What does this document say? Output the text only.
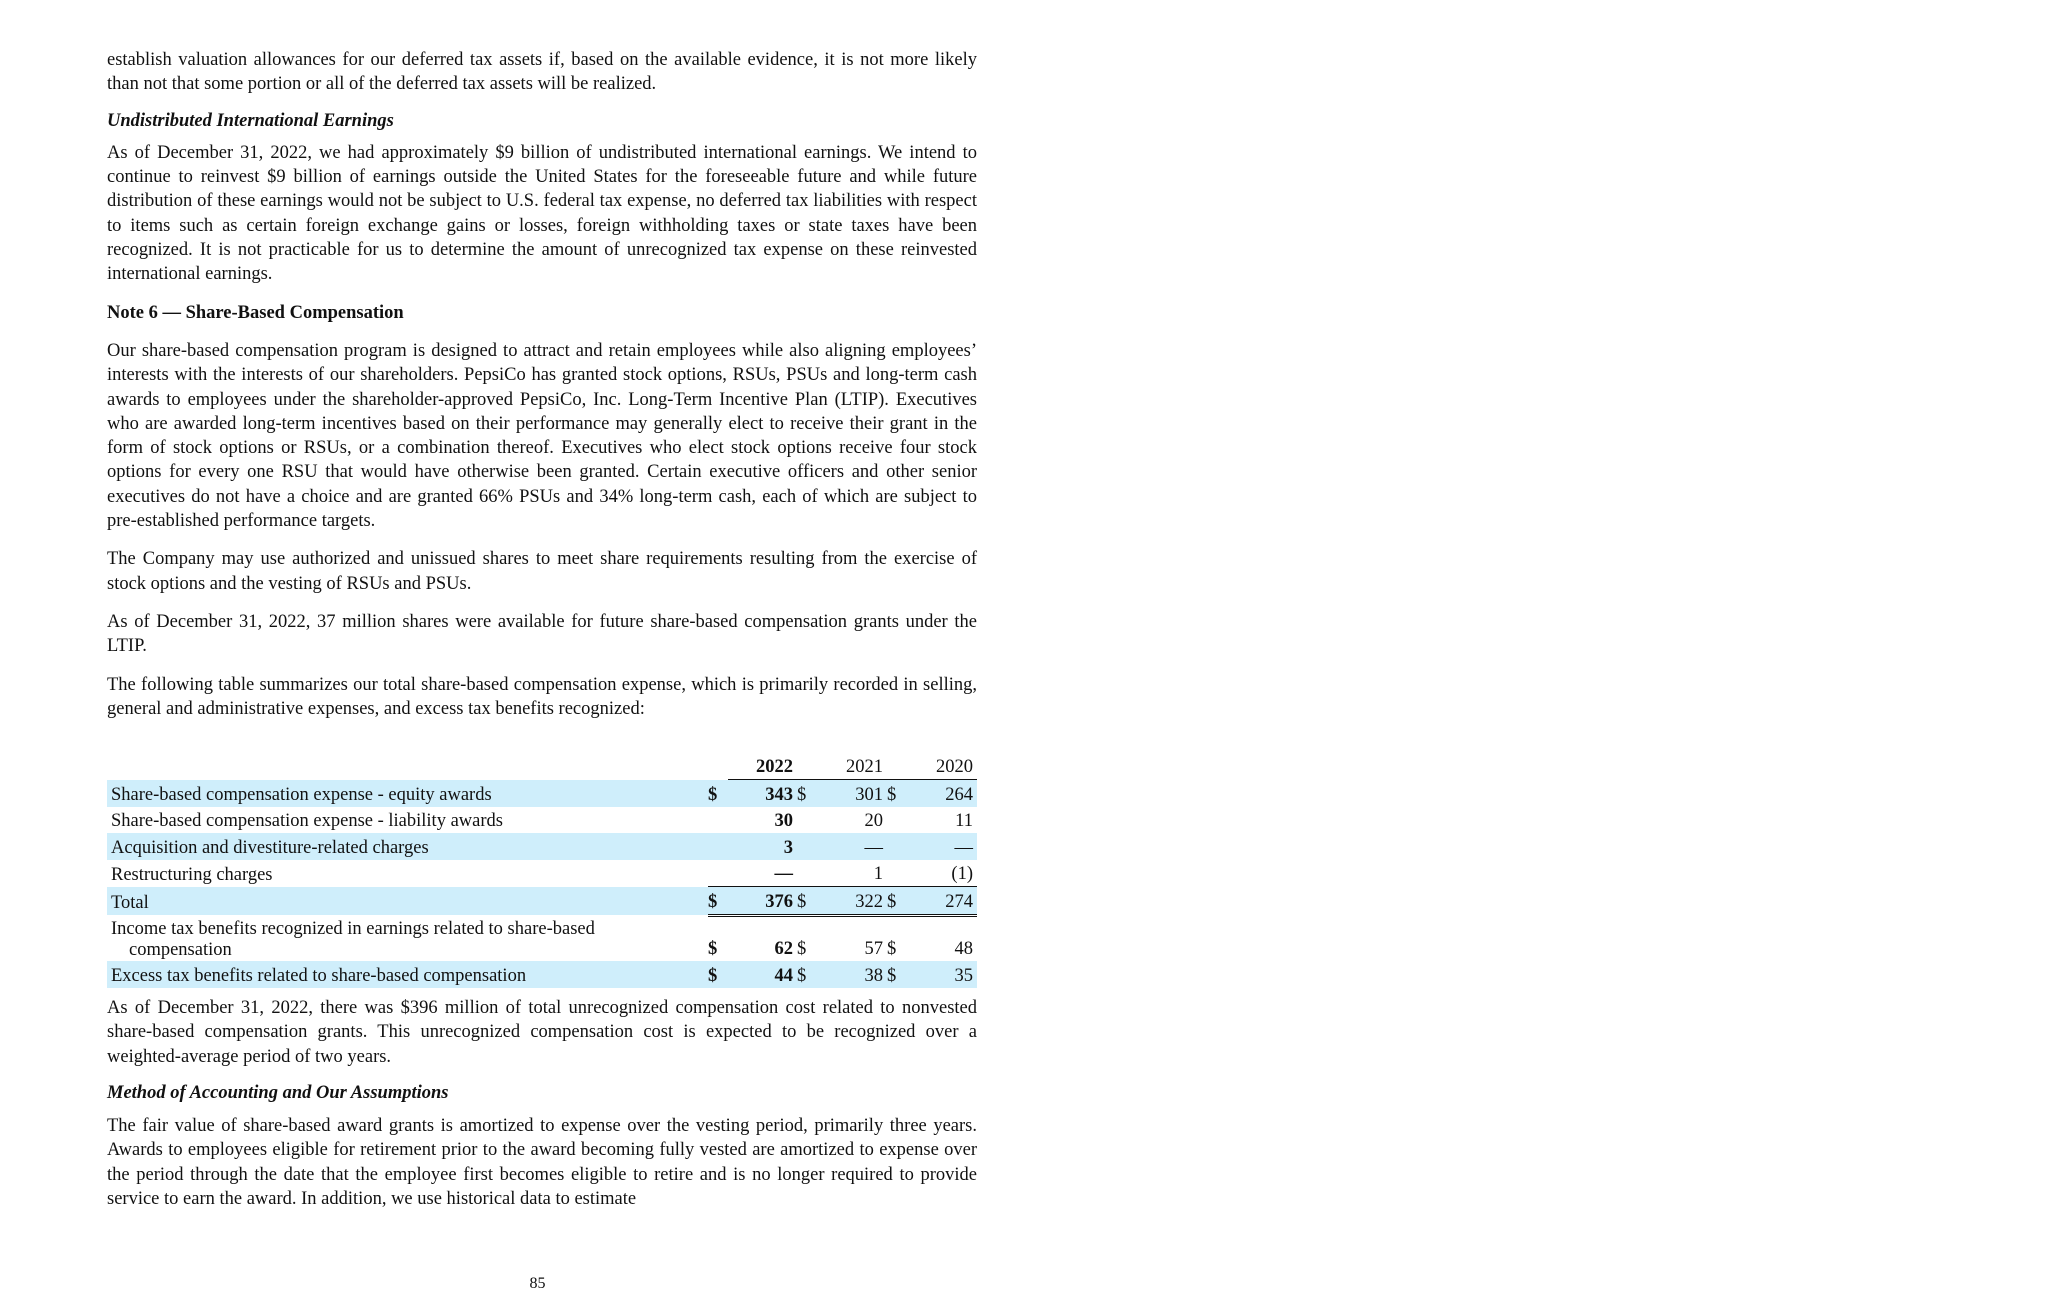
establish valuation allowances for our deferred tax assets if, based on the available evidence, it is not more likely than not that some portion or all of the deferred tax assets will be realized.

Undistributed International Earnings

As of December 31, 2022, we had approximately $9 billion of undistributed international earnings. We intend to continue to reinvest $9 billion of earnings outside the United States for the foreseeable future and while future distribution of these earnings would not be subject to U.S. federal tax expense, no deferred tax liabilities with respect to items such as certain foreign exchange gains or losses, foreign withholding taxes or state taxes have been recognized. It is not practicable for us to determine the amount of unrecognized tax expense on these reinvested international earnings.

Note 6 — Share-Based Compensation

Our share-based compensation program is designed to attract and retain employees while also aligning employees’ interests with the interests of our shareholders. PepsiCo has granted stock options, RSUs, PSUs and long-term cash awards to employees under the shareholder-approved PepsiCo, Inc. Long-Term Incentive Plan (LTIP). Executives who are awarded long-term incentives based on their performance may generally elect to receive their grant in the form of stock options or RSUs, or a combination thereof. Executives who elect stock options receive four stock options for every one RSU that would have otherwise been granted. Certain executive officers and other senior executives do not have a choice and are granted 66% PSUs and 34% long-term cash, each of which are subject to pre-established performance targets.

The Company may use authorized and unissued shares to meet share requirements resulting from the exercise of stock options and the vesting of RSUs and PSUs.

As of December 31, 2022, 37 million shares were available for future share-based compensation grants under the LTIP.

The following table summarizes our total share-based compensation expense, which is primarily recorded in selling, general and administrative expenses, and excess tax benefits recognized:

		2022		2021		2020
Share-based compensation expense - equity awards	$	343	$	301	$	264
Share-based compensation expense - liability awards		30		20		11
Acquisition and divestiture-related charges		3		—		—
Restructuring charges		—		1		(1)
Total	$	376	$	322	$	274

Income tax benefits recognized in earnings related to share-based
compensation	$	62	$	57	$	48
Excess tax benefits related to share-based compensation	$	44	$	38	$	35

As of December 31, 2022, there was $396 million of total unrecognized compensation cost related to nonvested share-based compensation grants. This unrecognized compensation cost is expected to be recognized over a weighted-average period of two years.

Method of Accounting and Our Assumptions

The fair value of share-based award grants is amortized to expense over the vesting period, primarily three years. Awards to employees eligible for retirement prior to the award becoming fully vested are amortized to expense over the period through the date that the employee first becomes eligible to retire and is no longer required to provide service to earn the award. In addition, we use historical data to estimate

85
